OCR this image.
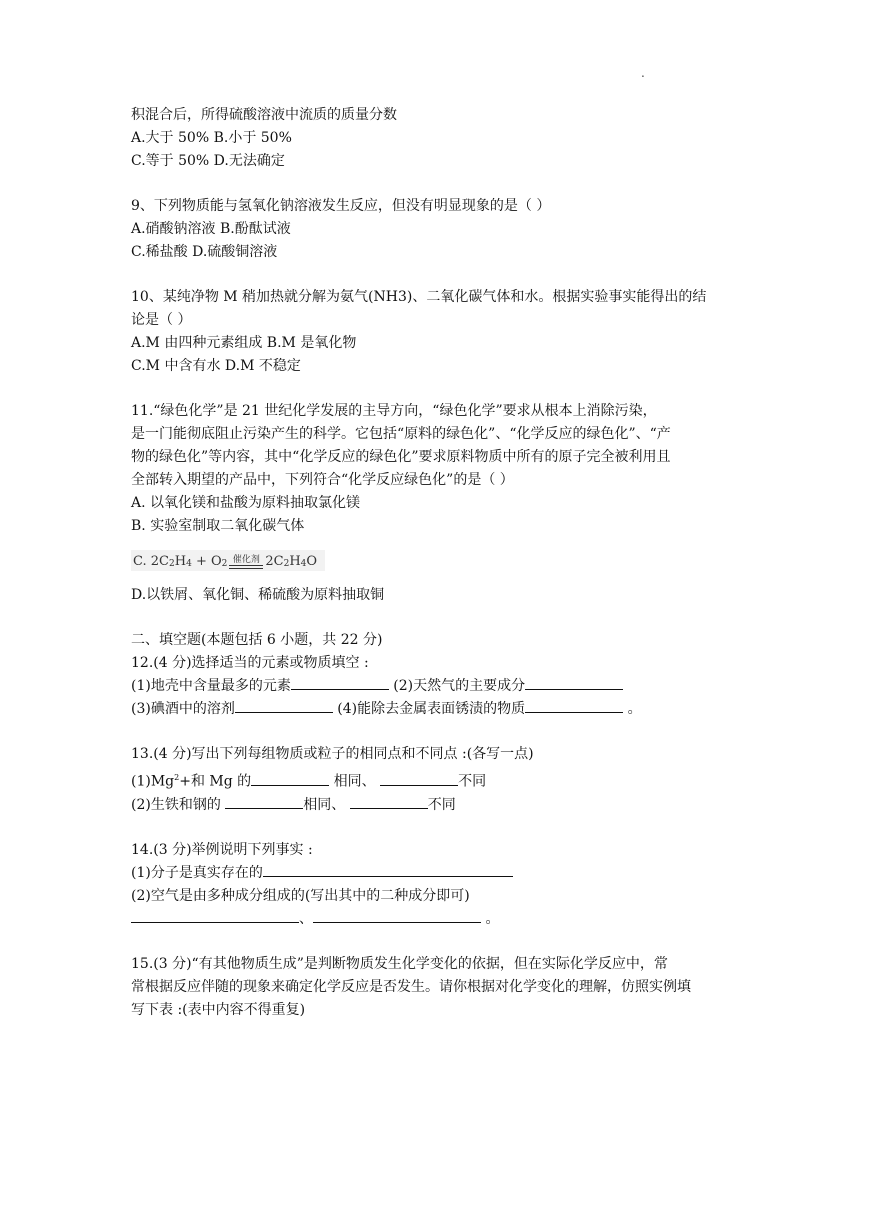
.
积混合后，所得硫酸溶液中流质的质量分数
A.大于 50% B.小于 50%
C.等于 50% D.无法确定
9、下列物质能与氢氧化钠溶液发生反应，但没有明显现象的是（ ）
A.硝酸钠溶液 B.酚酞试液
C.稀盐酸 D.硫酸铜溶液
10、某纯净物 M 稍加热就分解为氨气(NH3)、二氧化碳气体和水。根据实验事实能得出的结
论是（ ）
A.M 由四种元素组成 B.M 是氧化物
C.M 中含有水 D.M 不稳定
11.“绿色化学”是 21 世纪化学发展的主导方向，“绿色化学”要求从根本上消除污染，
是一门能彻底阻止污染产生的科学。它包括“原料的绿色化”、“化学反应的绿色化”、“产
物的绿色化”等内容，其中“化学反应的绿色化”要求原料物质中所有的原子完全被利用且
全部转入期望的产品中，下列符合“化学反应绿色化”的是（ ）
A. 以氧化镁和盐酸为原料抽取氯化镁
B. 实验室制取二氧化碳气体
C.
2C 2 H 4
+ O 2 催化剂 2C 2 H 4 O
D.以铁屑、氧化铜、稀硫酸为原料抽取铜
二、填空题(本题包括 6 小题，共 22 分)
12.(4 分)选择适当的元素或物质填空 :
(1)地壳中含量最多的元素	(2)天然气的主要成分
(3)碘酒中的溶剂	(4)能除去金属表面锈渍的物质	。
13.(4 分)写出下列每组物质或粒子的相同点和不同点 :(各写一点)
$(1)Mg^2+$和 Mg 的	相同、	不同
(2)生铁和钢的	相同、	不同
14.(3 分)举例说明下列事实 :
(1)分子是真实存在的
(2)空气是由多种成分组成的(写出其中的二种成分即可)
、	。
15.(3 分)“有其他物质生成”是判断物质发生化学变化的依据，但在实际化学反应中，常
常根据反应伴随的现象来确定化学反应是否发生。请你根据对化学变化的理解，仿照实例填
写下表 :(表中内容不得重复)
